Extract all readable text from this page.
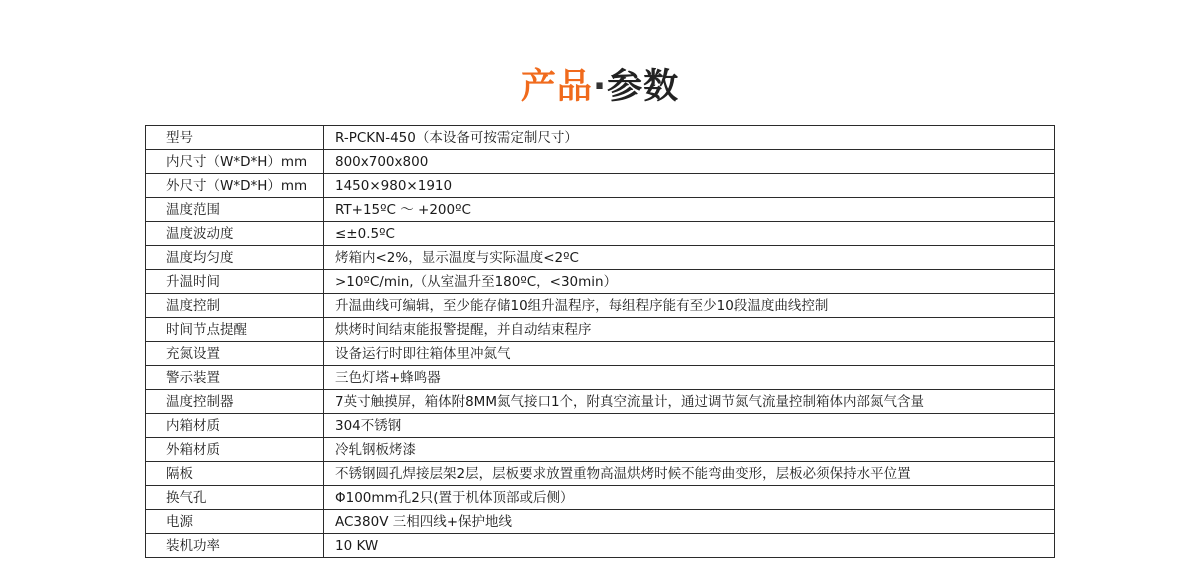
产品·参数
型号	R-PCKN-450（本设备可按需定制尺寸）
内尺寸（W*D*H）mm	800x700x800
外尺寸（W*D*H）mm	1450×980×1910
温度范围	RT+15ºC ～ +200ºC
温度波动度	≤±0.5ºC
温度均匀度	烤箱内<2%，显示温度与实际温度<2ºC
升温时间	>10ºC/min,（从室温升至180ºC，<30min）
温度控制	升温曲线可编辑，至少能存储10组升温程序，每组程序能有至少10段温度曲线控制
时间节点提醒	烘烤时间结束能报警提醒，并自动结束程序
充氮设置	设备运行时即往箱体里冲氮气
警示装置	三色灯塔+蜂鸣器
温度控制器	7英寸触摸屏，箱体附8MM氮气接口1个，附真空流量计，通过调节氮气流量控制箱体内部氮气含量
内箱材质	304不锈钢
外箱材质	冷轧钢板烤漆
隔板	不锈钢圆孔焊接层架2层，层板要求放置重物高温烘烤时候不能弯曲变形，层板必须保持水平位置
换气孔	Φ100mm孔2只(置于机体顶部或后侧）
电源	AC380V 三相四线+保护地线
装机功率	10 KW
